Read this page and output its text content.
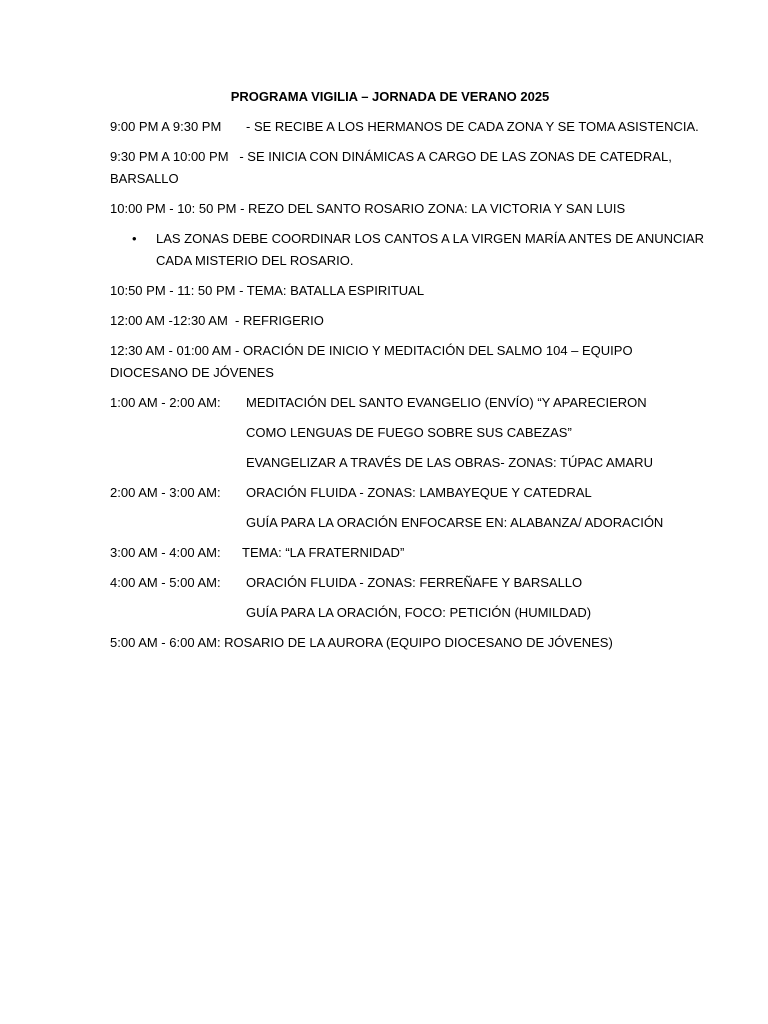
PROGRAMA VIGILIA – JORNADA DE VERANO 2025
9:00 PM A 9:30 PM	- SE RECIBE A LOS HERMANOS DE CADA ZONA Y SE TOMA ASISTENCIA.
9:30 PM A 10:00 PM   - SE INICIA CON DINÁMICAS A CARGO DE LAS ZONAS DE CATEDRAL,
BARSALLO
10:00 PM - 10: 50 PM - REZO DEL SANTO ROSARIO ZONA: LA VICTORIA Y SAN LUIS
• LAS ZONAS DEBE COORDINAR LOS CANTOS A LA VIRGEN MARÍA ANTES DE ANUNCIAR CADA MISTERIO DEL ROSARIO.
10:50 PM - 11: 50 PM - TEMA: BATALLA ESPIRITUAL
12:00 AM -12:30 AM  - REFRIGERIO
12:30 AM - 01:00 AM - ORACIÓN DE INICIO Y MEDITACIÓN DEL SALMO 104 – EQUIPO DIOCESANO DE JÓVENES
1:00 AM - 2:00 AM:	MEDITACIÓN DEL SANTO EVANGELIO (ENVÍO) “Y APARECIERON
COMO LENGUAS DE FUEGO SOBRE SUS CABEZAS”
EVANGELIZAR A TRAVÉS DE LAS OBRAS- ZONAS: TÚPAC AMARU
2:00 AM - 3:00 AM:	ORACIÓN FLUIDA - ZONAS: LAMBAYEQUE Y CATEDRAL
GUÍA PARA LA ORACIÓN ENFOCARSE EN: ALABANZA/ ADORACIÓN
3:00 AM - 4:00 AM:	TEMA: “LA FRATERNIDAD”
4:00 AM - 5:00 AM:	ORACIÓN FLUIDA - ZONAS: FERREÑAFE Y BARSALLO
GUÍA PARA LA ORACIÓN, FOCO: PETICIÓN (HUMILDAD)
5:00 AM - 6:00 AM: ROSARIO DE LA AURORA (EQUIPO DIOCESANO DE JÓVENES)
